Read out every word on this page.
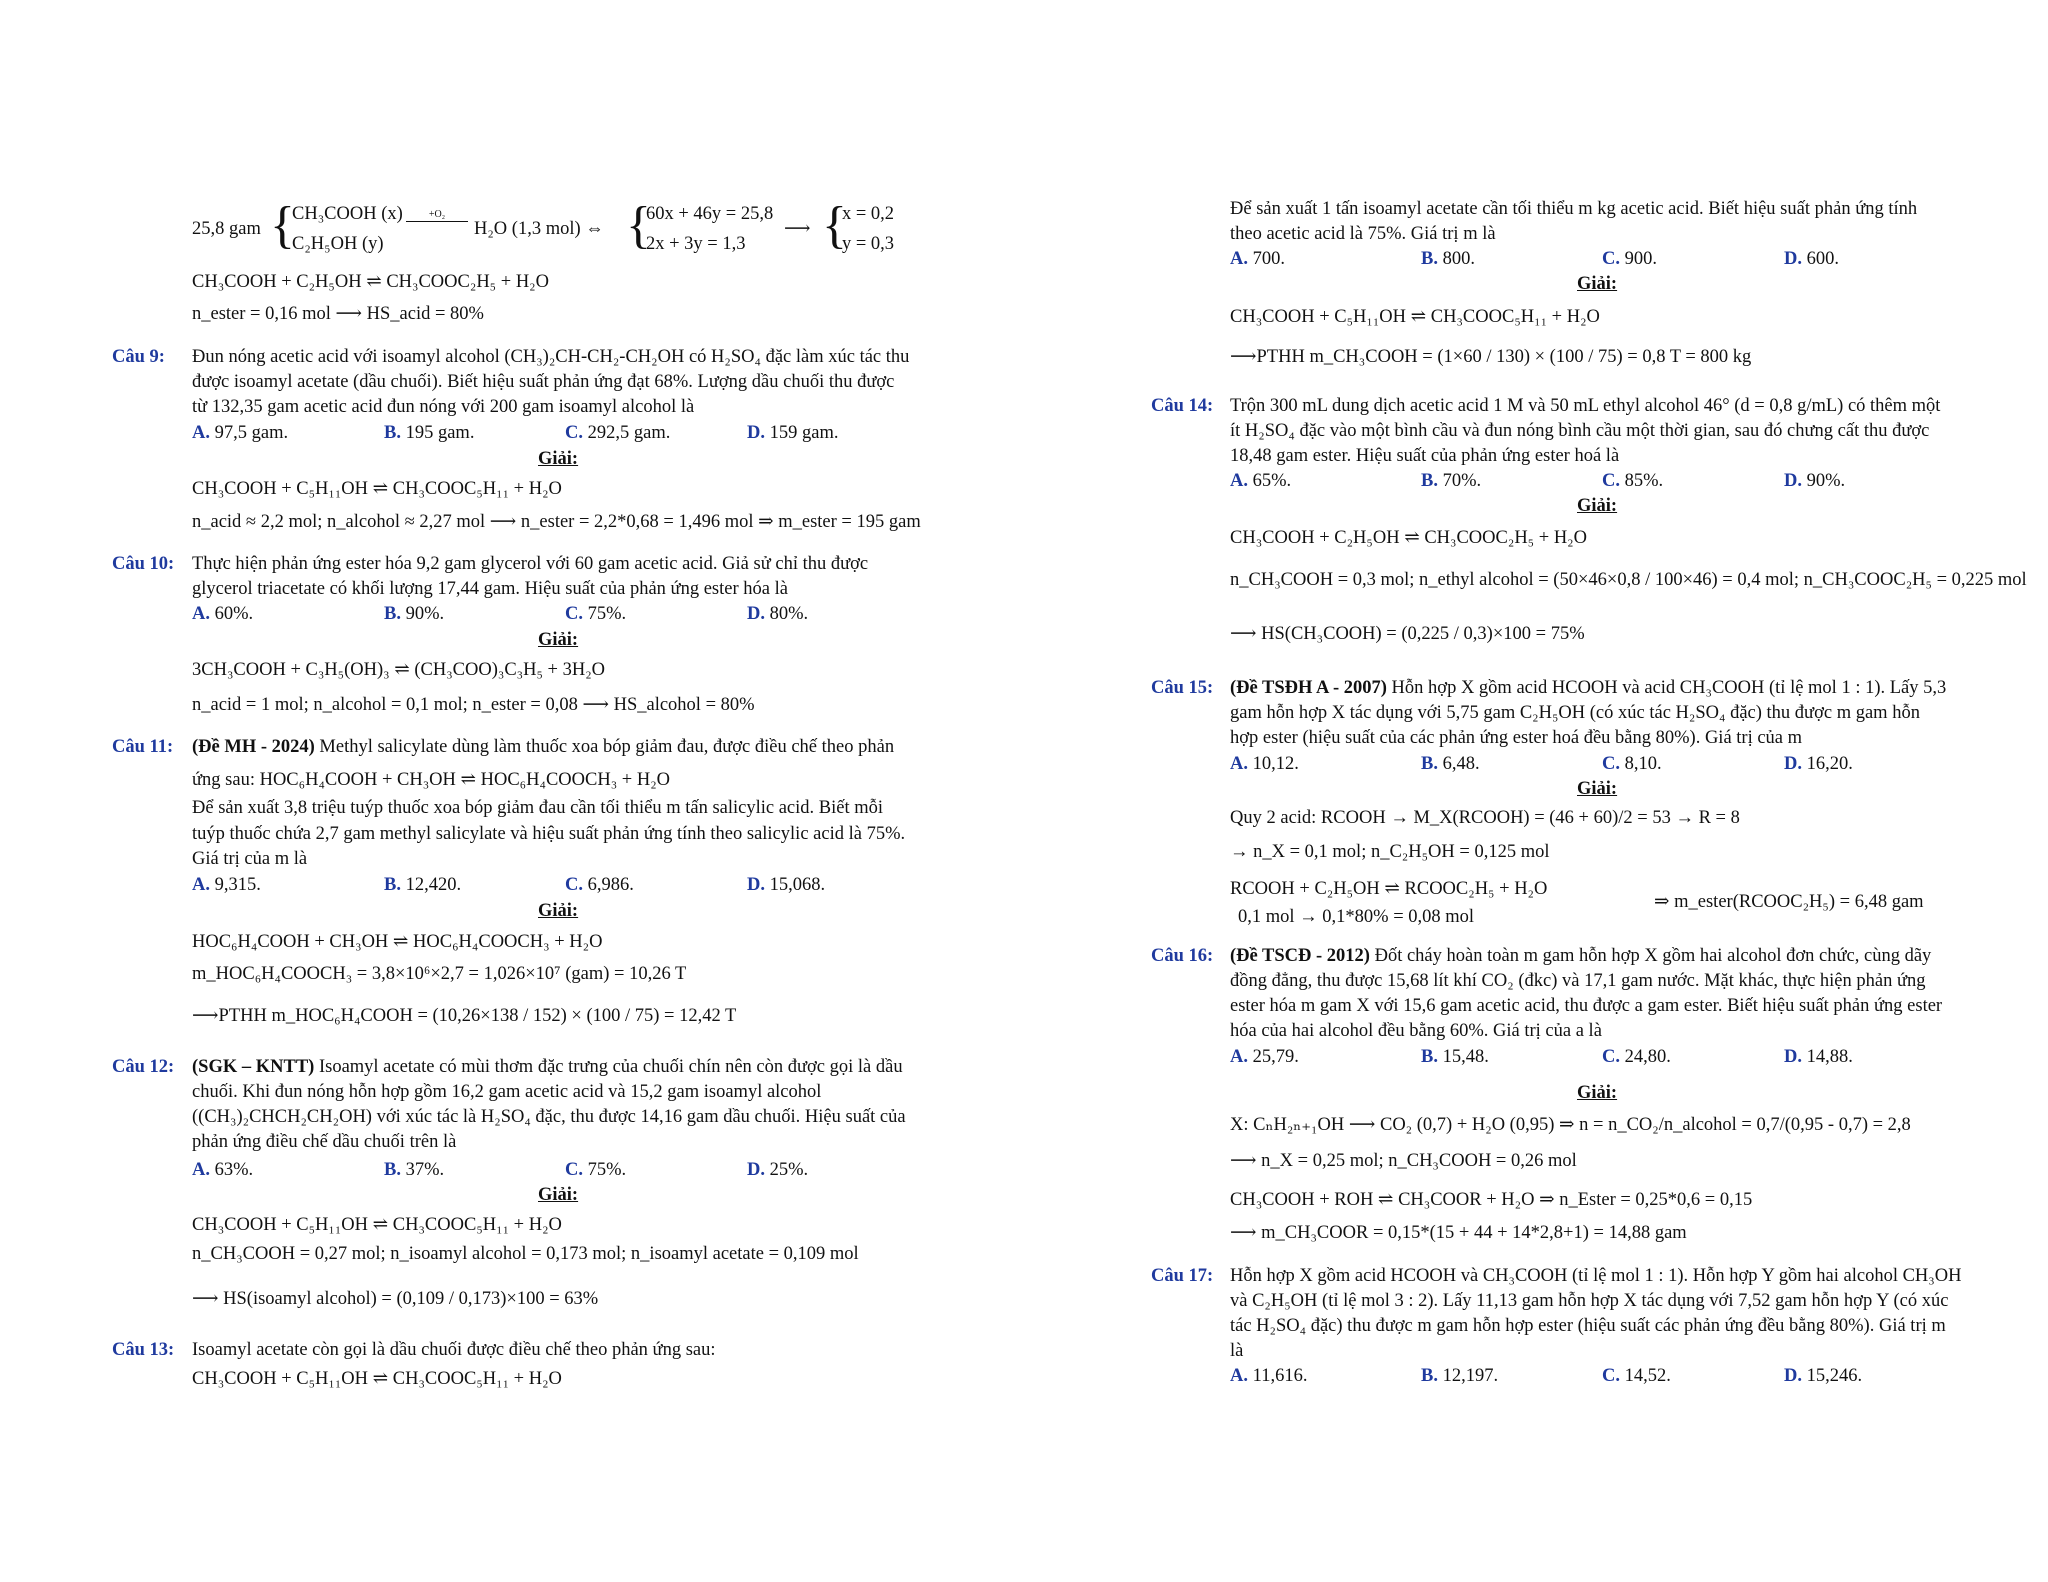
25,8 gam {
CH₃COOH (x)
C₂H₅OH (y)
+O₂
H₂O (1,3 mol) ⇔ {
60x + 46y = 25,8
2x + 3y = 1,3
⟶ {
x = 0,2
y = 0,3
CH₃COOH + C₂H₅OH ⇌ CH₃COOC₂H₅ + H₂O
n_ester = 0,16 mol ⟶ HS_acid = 80%
Câu 9: Đun nóng acetic acid với isoamyl alcohol (CH₃)₂CH-CH₂-CH₂OH có H₂SO₄ đặc làm xúc tác thu
được isoamyl acetate (dầu chuối). Biết hiệu suất phản ứng đạt 68%. Lượng dầu chuối thu được
từ 132,35 gam acetic acid đun nóng với 200 gam isoamyl alcohol là
A. 97,5 gam.	B. 195 gam.	C. 292,5 gam.	D. 159 gam.
Giải:
CH₃COOH + C₅H₁₁OH ⇌ CH₃COOC₅H₁₁ + H₂O
n_acid ≈ 2,2 mol; n_alcohol ≈ 2,27 mol ⟶ n_ester = 2,2*0,68 = 1,496 mol ⇒ m_ester = 195 gam
Câu 10: Thực hiện phản ứng ester hóa 9,2 gam glycerol với 60 gam acetic acid. Giả sử chỉ thu được
glycerol triacetate có khối lượng 17,44 gam. Hiệu suất của phản ứng ester hóa là
A. 60%.	B. 90%.	C. 75%.	D. 80%.
Giải:
3CH₃COOH + C₃H₅(OH)₃ ⇌ (CH₃COO)₃C₃H₅ + 3H₂O
n_acid = 1 mol; n_alcohol = 0,1 mol; n_ester = 0,08 ⟶ HS_alcohol = 80%
Câu 11: (Đề MH - 2024) Methyl salicylate dùng làm thuốc xoa bóp giảm đau, được điều chế theo phản
ứng sau: HOC₆H₄COOH + CH₃OH ⇌ HOC₆H₄COOCH₃ + H₂O
Để sản xuất 3,8 triệu tuýp thuốc xoa bóp giảm đau cần tối thiểu m tấn salicylic acid. Biết mỗi
tuýp thuốc chứa 2,7 gam methyl salicylate và hiệu suất phản ứng tính theo salicylic acid là 75%.
Giá trị của m là
A. 9,315.	B. 12,420.	C. 6,986.	D. 15,068.
Giải:
HOC₆H₄COOH + CH₃OH ⇌ HOC₆H₄COOCH₃ + H₂O
m_HOC₆H₄COOCH₃ = 3,8×10⁶×2,7 = 1,026×10⁷ (gam) = 10,26 T
⟶PTHH m_HOC₆H₄COOH = (10,26×138 / 152) × (100 / 75) = 12,42 T
Câu 12: (SGK – KNTT) Isoamyl acetate có mùi thơm đặc trưng của chuối chín nên còn được gọi là dầu
chuối. Khi đun nóng hỗn hợp gồm 16,2 gam acetic acid và 15,2 gam isoamyl alcohol
((CH₃)₂CHCH₂CH₂OH) với xúc tác là H₂SO₄ đặc, thu được 14,16 gam dầu chuối. Hiệu suất của
phản ứng điều chế dầu chuối trên là
A. 63%.	B. 37%.	C. 75%.	D. 25%.
Giải:
CH₃COOH + C₅H₁₁OH ⇌ CH₃COOC₅H₁₁ + H₂O
n_CH₃COOH = 0,27 mol; n_isoamyl alcohol = 0,173 mol; n_isoamyl acetate = 0,109 mol
⟶ HS(isoamyl alcohol) = (0,109 / 0,173)×100 = 63%
Câu 13: Isoamyl acetate còn gọi là dầu chuối được điều chế theo phản ứng sau:
CH₃COOH + C₅H₁₁OH ⇌ CH₃COOC₅H₁₁ + H₂O
Để sản xuất 1 tấn isoamyl acetate cần tối thiểu m kg acetic acid. Biết hiệu suất phản ứng tính
theo acetic acid là 75%. Giá trị m là
A. 700.	B. 800.	C. 900.	D. 600.
Giải:
CH₃COOH + C₅H₁₁OH ⇌ CH₃COOC₅H₁₁ + H₂O
⟶PTHH m_CH₃COOH = (1×60 / 130) × (100 / 75) = 0,8 T = 800 kg
Câu 14: Trộn 300 mL dung dịch acetic acid 1 M và 50 mL ethyl alcohol 46° (d = 0,8 g/mL) có thêm một
ít H₂SO₄ đặc vào một bình cầu và đun nóng bình cầu một thời gian, sau đó chưng cất thu được
18,48 gam ester. Hiệu suất của phản ứng ester hoá là
A. 65%.	B. 70%.	C. 85%.	D. 90%.
Giải:
CH₃COOH + C₂H₅OH ⇌ CH₃COOC₂H₅ + H₂O
n_CH₃COOH = 0,3 mol; n_ethyl alcohol = (50×46×0,8 / 100×46) = 0,4 mol; n_CH₃COOC₂H₅ = 0,225 mol
⟶ HS(CH₃COOH) = (0,225 / 0,3)×100 = 75%
Câu 15: (Đề TSĐH A - 2007) Hỗn hợp X gồm acid HCOOH và acid CH₃COOH (tỉ lệ mol 1 : 1). Lấy 5,3
gam hỗn hợp X tác dụng với 5,75 gam C₂H₅OH (có xúc tác H₂SO₄ đặc) thu được m gam hỗn
hợp ester (hiệu suất của các phản ứng ester hoá đều bằng 80%). Giá trị của m
A. 10,12.	B. 6,48.	C. 8,10.	D. 16,20.
Giải:
Quy 2 acid: RCOOH → M_X(RCOOH) = (46 + 60)/2 = 53 → R = 8
→ n_X = 0,1 mol; n_C₂H₅OH = 0,125 mol
RCOOH + C₂H₅OH ⇌ RCOOC₂H₅ + H₂O
0,1 mol → 0,1*80% = 0,08 mol
⇒ m_ester(RCOOC₂H₅) = 6,48 gam
Câu 16: (Đề TSCĐ - 2012) Đốt cháy hoàn toàn m gam hỗn hợp X gồm hai alcohol đơn chức, cùng dãy
đồng đẳng, thu được 15,68 lít khí CO₂ (đkc) và 17,1 gam nước. Mặt khác, thực hiện phản ứng
ester hóa m gam X với 15,6 gam acetic acid, thu được a gam ester. Biết hiệu suất phản ứng ester
hóa của hai alcohol đều bằng 60%. Giá trị của a là
A. 25,79.	B. 15,48.	C. 24,80.	D. 14,88.
Giải:
X: CₙH₂ₙ₊₁OH ⟶ CO₂ (0,7) + H₂O (0,95) ⇒ n = n_CO₂/n_alcohol = 0,7/(0,95 - 0,7) = 2,8
⟶ n_X = 0,25 mol; n_CH₃COOH = 0,26 mol
CH₃COOH + ROH ⇌ CH₃COOR + H₂O ⇒ n_Ester = 0,25*0,6 = 0,15
⟶ m_CH₃COOR = 0,15*(15 + 44 + 14*2,8+1) = 14,88 gam
Câu 17: Hỗn hợp X gồm acid HCOOH và CH₃COOH (tỉ lệ mol 1 : 1). Hỗn hợp Y gồm hai alcohol CH₃OH
và C₂H₅OH (tỉ lệ mol 3 : 2). Lấy 11,13 gam hỗn hợp X tác dụng với 7,52 gam hỗn hợp Y (có xúc
tác H₂SO₄ đặc) thu được m gam hỗn hợp ester (hiệu suất các phản ứng đều bằng 80%). Giá trị m
là
A. 11,616.	B. 12,197.	C. 14,52.	D. 15,246.
